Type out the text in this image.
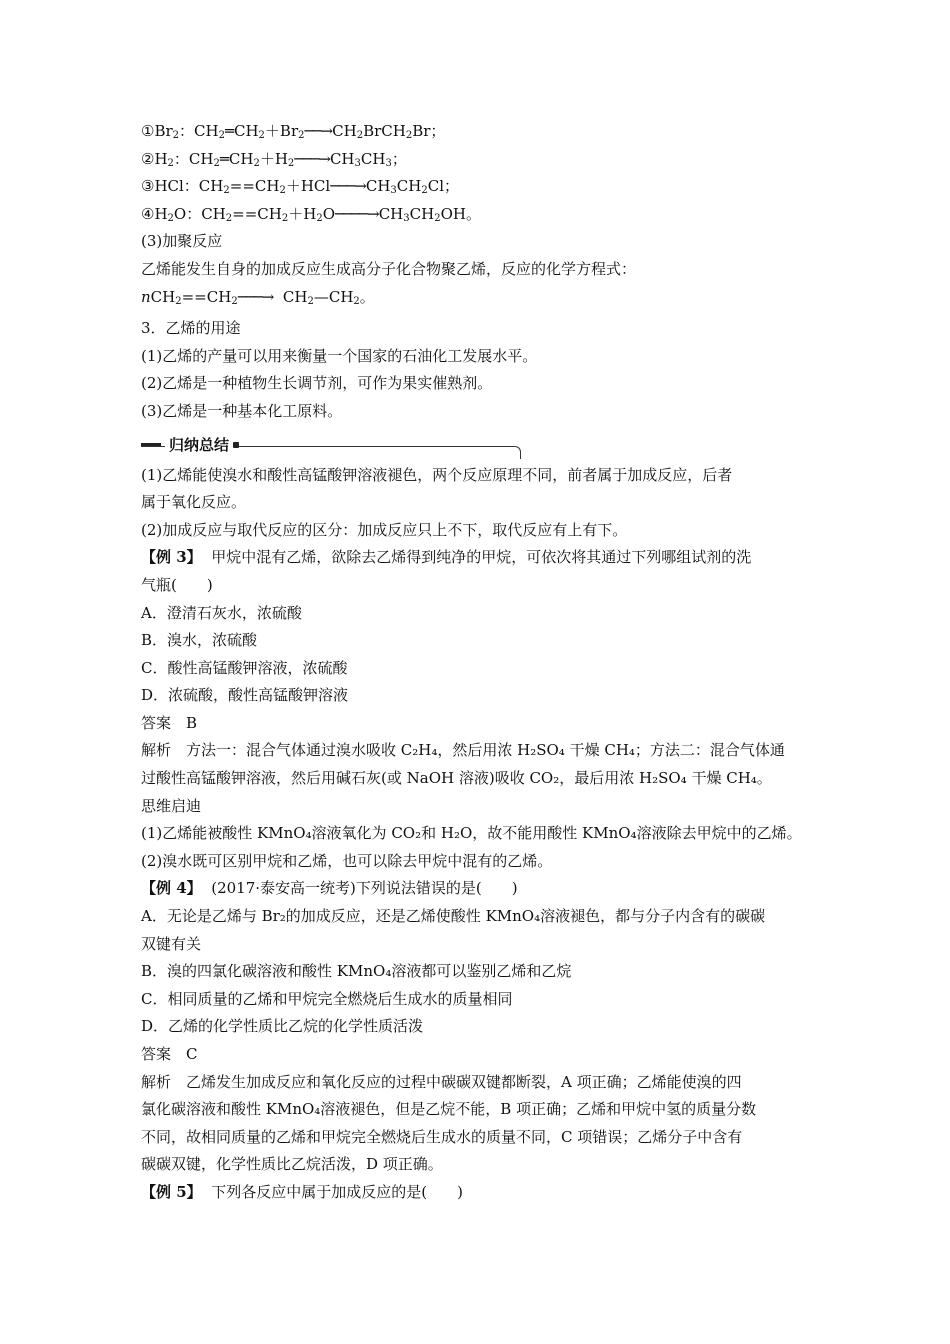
$①Br_2$：$CH_2═CH_2+Br_2──\to CH_2BrCH_2Br$；
$②H_2$：$CH_2═CH_2+H_2───\to CH_3CH_3$；
③HCl：$CH_2==CH_2+HCl───\to CH_3CH_2Cl$；
$④H_2O$：$CH_2==CH_2+H_2O────\to CH_3CH_2OH$。
(3)加聚反应
乙烯能发生自身的加成反应生成高分子化合物聚乙烯，反应的化学方程式：
$nCH_2==CH_2───\to$ $CH_2—CH_2$。
3．乙烯的用途
(1)乙烯的产量可以用来衡量一个国家的石油化工发展水平。
(2)乙烯是一种植物生长调节剂，可作为果实催熟剂。
(3)乙烯是一种基本化工原料。
归纳总结
(1)乙烯能使溴水和酸性高锰酸钾溶液褪色，两个反应原理不同，前者属于加成反应，后者
属于氧化反应。
(2)加成反应与取代反应的区分：加成反应只上不下，取代反应有上有下。
【例 3】 甲烷中混有乙烯，欲除去乙烯得到纯净的甲烷，可依次将其通过下列哪组试剂的洗
气瓶(　　)
A．澄清石灰水，浓硫酸
B．溴水，浓硫酸
C．酸性高锰酸钾溶液，浓硫酸
D．浓硫酸，酸性高锰酸钾溶液
答案　B
解析　方法一：混合气体通过溴水吸收 C₂H₄，然后用浓 H₂SO₄ 干燥 CH₄；方法二：混合气体通
过酸性高锰酸钾溶液，然后用碱石灰(或 NaOH 溶液)吸收 CO₂，最后用浓 H₂SO₄ 干燥 CH₄。
思维启迪
(1)乙烯能被酸性 KMnO₄溶液氧化为 CO₂和 H₂O，故不能用酸性 KMnO₄溶液除去甲烷中的乙烯。
(2)溴水既可区别甲烷和乙烯，也可以除去甲烷中混有的乙烯。
【例 4】 (2017·泰安高一统考)下列说法错误的是(　　)
A．无论是乙烯与 Br₂的加成反应，还是乙烯使酸性 KMnO₄溶液褪色，都与分子内含有的碳碳
双键有关
B．溴的四氯化碳溶液和酸性 KMnO₄溶液都可以鉴别乙烯和乙烷
C．相同质量的乙烯和甲烷完全燃烧后生成水的质量相同
D．乙烯的化学性质比乙烷的化学性质活泼
答案　C
解析　乙烯发生加成反应和氧化反应的过程中碳碳双键都断裂，A 项正确；乙烯能使溴的四
氯化碳溶液和酸性 KMnO₄溶液褪色，但是乙烷不能，B 项正确；乙烯和甲烷中氢的质量分数
不同，故相同质量的乙烯和甲烷完全燃烧后生成水的质量不同，C 项错误；乙烯分子中含有
碳碳双键，化学性质比乙烷活泼，D 项正确。
【例 5】 下列各反应中属于加成反应的是(　　)
